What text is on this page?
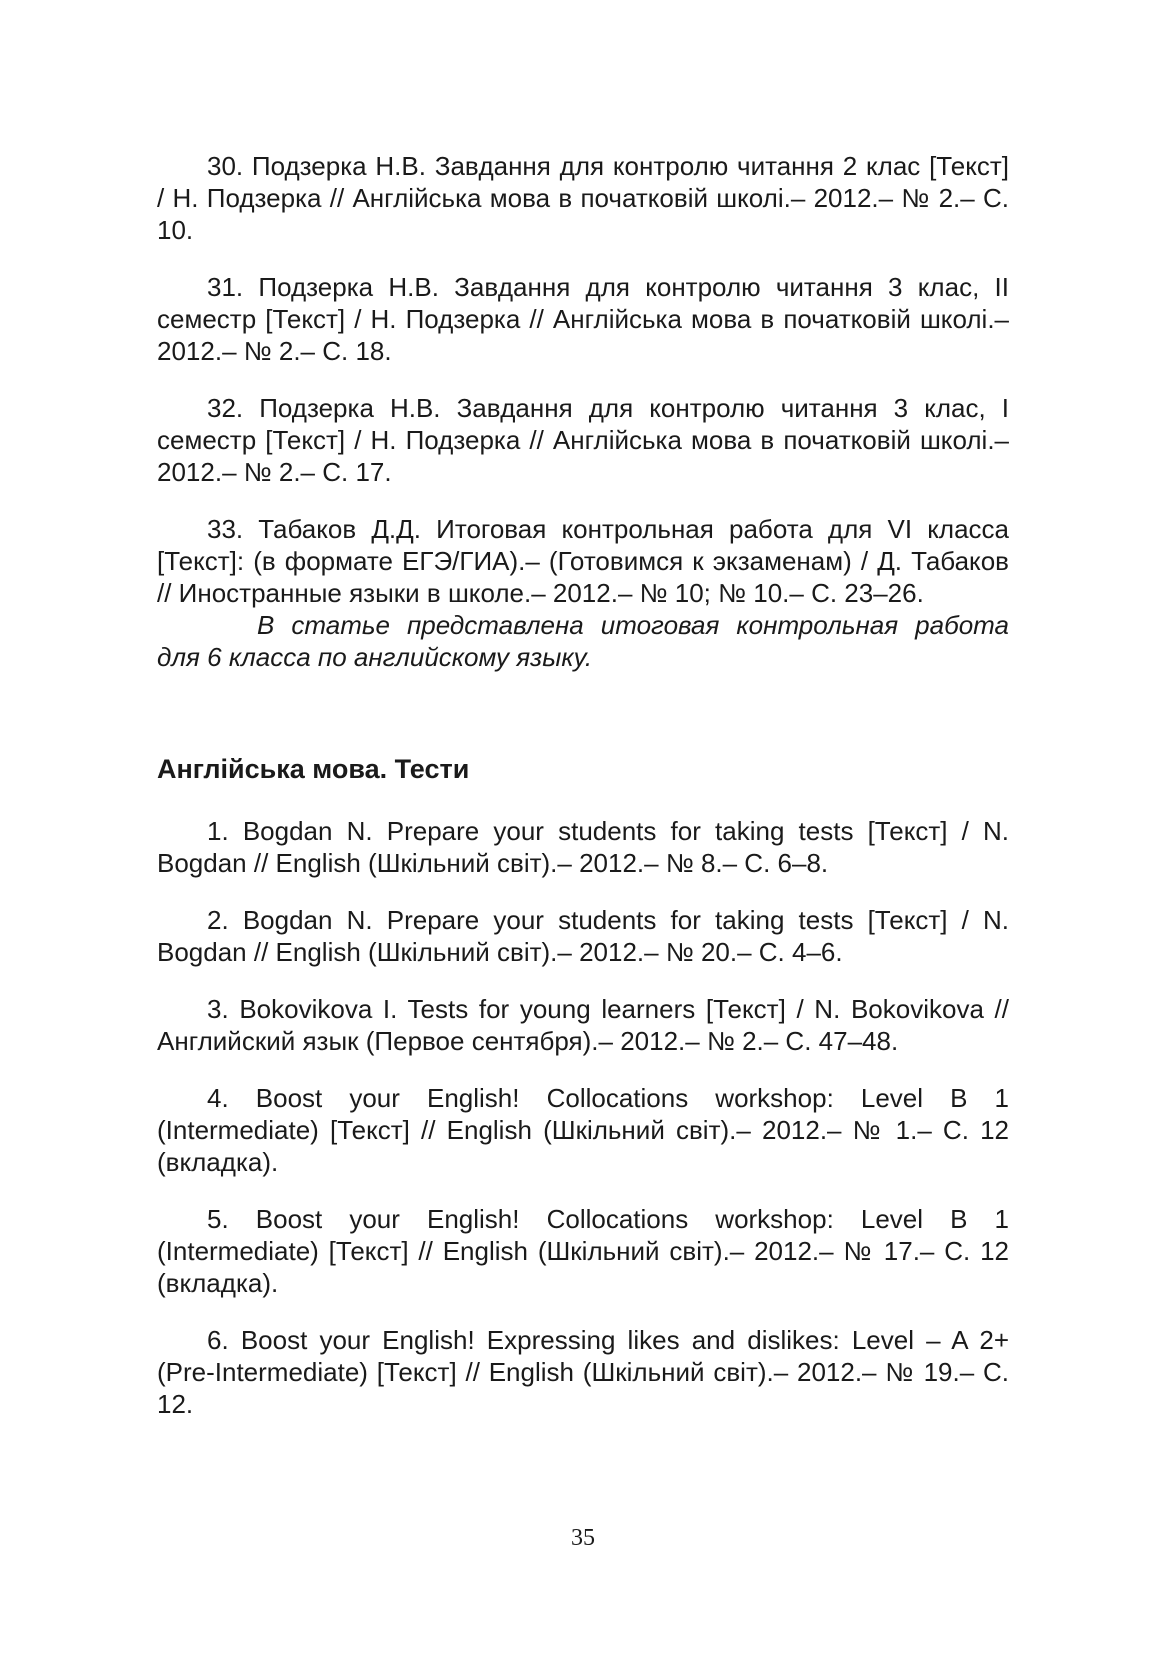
30. Подзерка Н.В. Завдання для контролю читання 2 клас [Текст] / Н. Подзерка // Англійська мова в початковій школі.– 2012.– № 2.– С. 10.

31. Подзерка Н.В. Завдання для контролю читання 3 клас, II семестр [Текст] / Н. Подзерка // Англійська мова в початковій школі.– 2012.– № 2.– С. 18.

32. Подзерка Н.В. Завдання для контролю читання 3 клас, I семестр [Текст] / Н. Подзерка // Англійська мова в початковій школі.– 2012.– № 2.– С. 17.

33. Табаков Д.Д. Итоговая контрольная работа для VI класса [Текст]: (в формате ЕГЭ/ГИА).– (Готовимся к экзаменам) / Д. Табаков // Иностранные языки в школе.– 2012.– № 10; № 10.– С. 23–26.

В статье представлена итоговая контрольная работа для 6 класса по английскому языку.

Англійська мова. Тести

1. Bogdan N. Prepare your students for taking tests [Текст] / N. Bogdan // English (Шкільний світ).– 2012.– № 8.– С. 6–8.

2. Bogdan N. Prepare your students for taking tests [Текст] / N. Bogdan // English (Шкільний світ).– 2012.– № 20.– С. 4–6.

3. Bokovikova I. Tests for young learners [Текст] / N. Bokovikova // Английский язык (Первое сентября).– 2012.– № 2.– С. 47–48.

4. Boost your English! Collocations workshop: Level B 1 (Intermediate) [Текст] // English (Шкільний світ).– 2012.– № 1.– С. 12 (вкладка).

5. Boost your English! Collocations workshop: Level B 1 (Intermediate) [Текст] // English (Шкільний світ).– 2012.– № 17.– С. 12 (вкладка).

6. Boost your English! Expressing likes and dislikes: Level – A 2+ (Pre-Intermediate) [Текст] // English (Шкільний світ).– 2012.– № 19.– С. 12.

35
